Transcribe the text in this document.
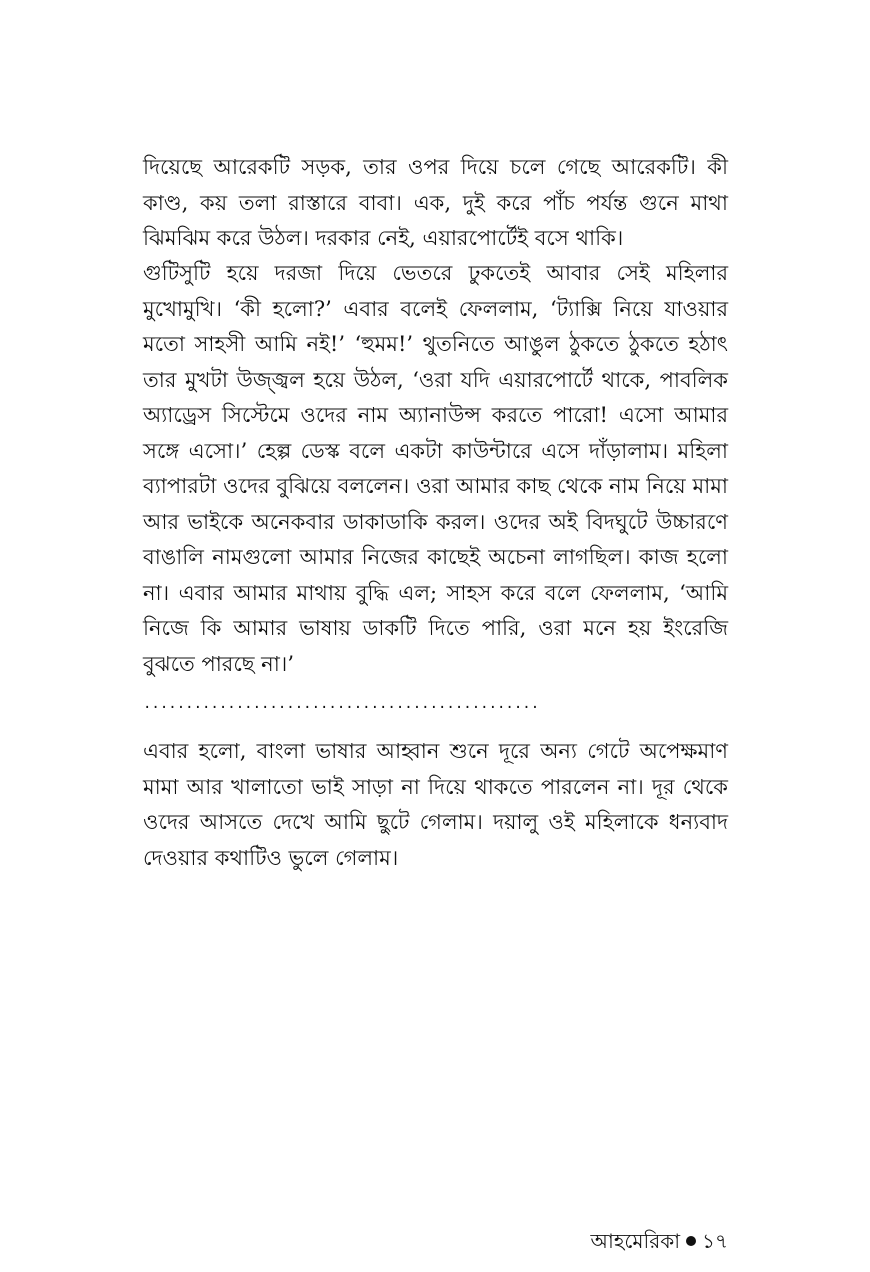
দিয়েছে আরেকটি সড়ক, তার ওপর দিয়ে চলে গেছে আরেকটি। কী কাণ্ড, কয় তলা রাস্তারে বাবা। এক, দুই করে পাঁচ পর্যন্ত গুনে মাথা ঝিমঝিম করে উঠল। দরকার নেই, এয়ারপোর্টেই বসে থাকি।

গুটিসুটি হয়ে দরজা দিয়ে ভেতরে ঢুকতেই আবার সেই মহিলার মুখোমুখি। ‘কী হলো?’ এবার বলেই ফেললাম, ‘ট্যাক্সি নিয়ে যাওয়ার মতো সাহসী আমি নই!’ ‘হুমম!’ থুতনিতে আঙুল ঠুকতে ঠুকতে হঠাৎ তার মুখটা উজ্জ্বল হয়ে উঠল, ‘ওরা যদি এয়ারপোর্টে থাকে, পাবলিক অ্যাড্রেস সিস্টেমে ওদের নাম অ্যানাউন্স করতে পারো! এসো আমার সঙ্গে এসো।’ হেল্প ডেস্ক বলে একটা কাউন্টারে এসে দাঁড়ালাম। মহিলা ব্যাপারটা ওদের বুঝিয়ে বললেন। ওরা আমার কাছ থেকে নাম নিয়ে মামা আর ভাইকে অনেকবার ডাকাডাকি করল। ওদের অই বিদঘুটে উচ্চারণে বাঙালি নামগুলো আমার নিজের কাছেই অচেনা লাগছিল। কাজ হলো না। এবার আমার মাথায় বুদ্ধি এল; সাহস করে বলে ফেললাম, ‘আমি নিজে কি আমার ভাষায় ডাকটি দিতে পারি, ওরা মনে হয় ইংরেজি বুঝতে পারছে না।’

...............................................

এবার হলো, বাংলা ভাষার আহ্বান শুনে দূরে অন্য গেটে অপেক্ষমাণ মামা আর খালাতো ভাই সাড়া না দিয়ে থাকতে পারলেন না। দূর থেকে ওদের আসতে দেখে আমি ছুটে গেলাম। দয়ালু ওই মহিলাকে ধন্যবাদ দেওয়ার কথাটিও ভুলে গেলাম।

আহমেরিকা ১৭
